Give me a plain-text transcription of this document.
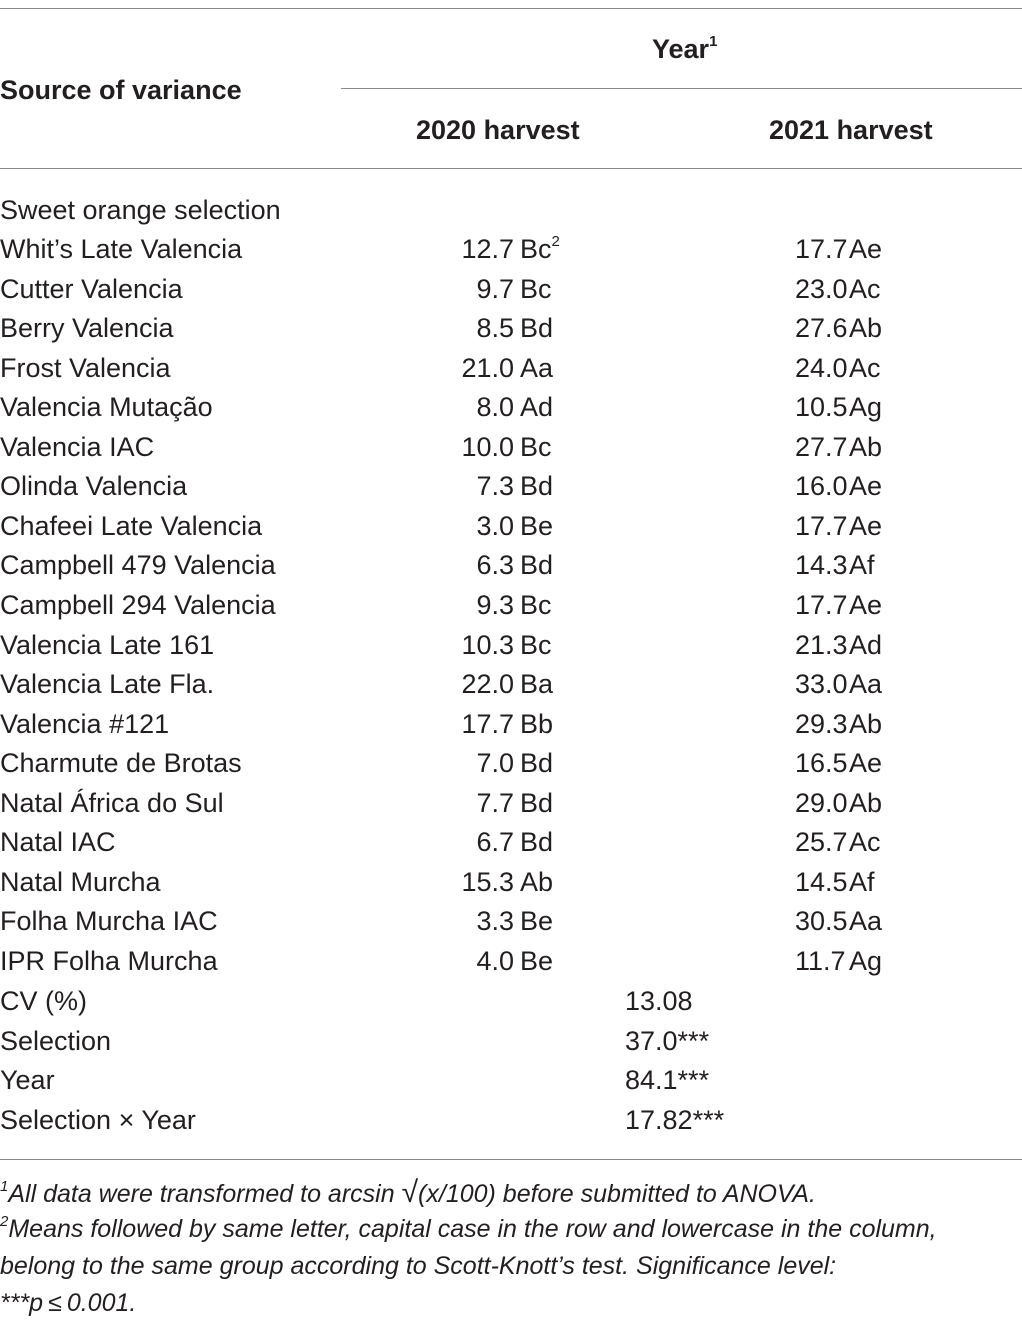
Source of variance
Year$^1$
2020 harvest	2021 harvest
Sweet orange selection
Whit’s Late Valencia	12.7 Bc$^2$	17.7Ae
Cutter Valencia	9.7 Bc	23.0Ac
Berry Valencia	8.5 Bd	27.6Ab
Frost Valencia	21.0 Aa	24.0Ac
Valencia Mutação	8.0 Ad	10.5Ag
Valencia IAC	10.0 Bc	27.7Ab
Olinda Valencia	7.3 Bd	16.0Ae
Chafeei Late Valencia	3.0 Be	17.7Ae
Campbell 479 Valencia	6.3 Bd	14.3Af
Campbell 294 Valencia	9.3 Bc	17.7Ae
Valencia Late 161	10.3 Bc	21.3Ad
Valencia Late Fla.	22.0 Ba	33.0Aa
Valencia #121	17.7 Bb	29.3Ab
Charmute de Brotas	7.0 Bd	16.5Ae
Natal África do Sul	7.7 Bd	29.0Ab
Natal IAC	6.7 Bd	25.7Ac
Natal Murcha	15.3 Ab	14.5Af
Folha Murcha IAC	3.3 Be	30.5Aa
IPR Folha Murcha	4.0 Be	11.7 Ag
CV (%)	13.08
Selection	37.0***
Year	84.1***
Selection × Year	17.82***
$^1$All data were transformed to arcsin √(x/100) before submitted to ANOVA.
$^2$Means followed by same letter, capital case in the row and lowercase in the column,
belong to the same group according to Scott-Knott’s test. Significance level:
***p ≤ 0.001.
